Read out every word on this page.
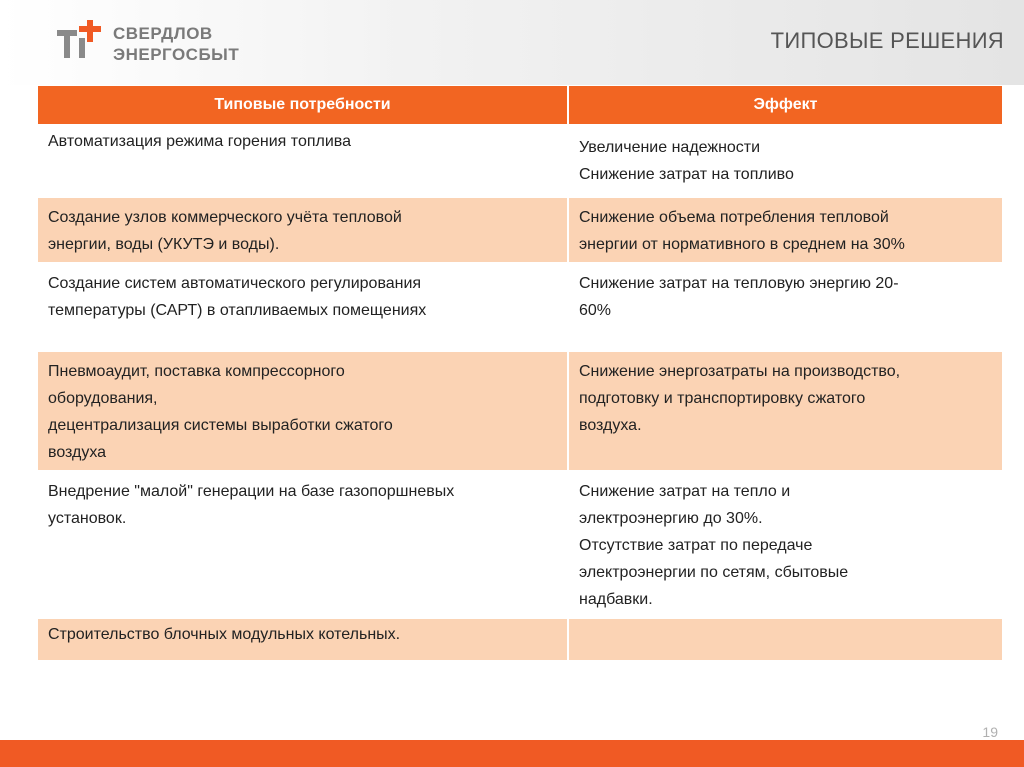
СВЕРДЛОВ
ЭНЕРГОСБЫТ
ТИПОВЫЕ РЕШЕНИЯ
Типовые потребности	Эффект

Автоматизация режима горения топлива	Увеличение надежности
Снижение затрат на топливо

Создание узлов коммерческого учёта тепловой
энергии, воды (УКУТЭ и воды).	Снижение объема потребления тепловой
энергии от нормативного в среднем на 30%

Создание систем автоматического регулирования
температуры (САРТ) в отапливаемых помещениях	Снижение затрат на тепловую энергию 20-
60%

Пневмоаудит, поставка компрессорного
оборудования,
децентрализация системы выработки сжатого
воздуха	Снижение энергозатраты на производство,
подготовку и транспортировку сжатого
воздуха.

Внедрение "малой" генерации на базе газопоршневых
установок.	Снижение затрат на тепло и
электроэнергию до 30%.
Отсутствие затрат по передаче
электроэнергии по сетям, сбытовые
надбавки.

Строительство блочных модульных котельных.	

19
